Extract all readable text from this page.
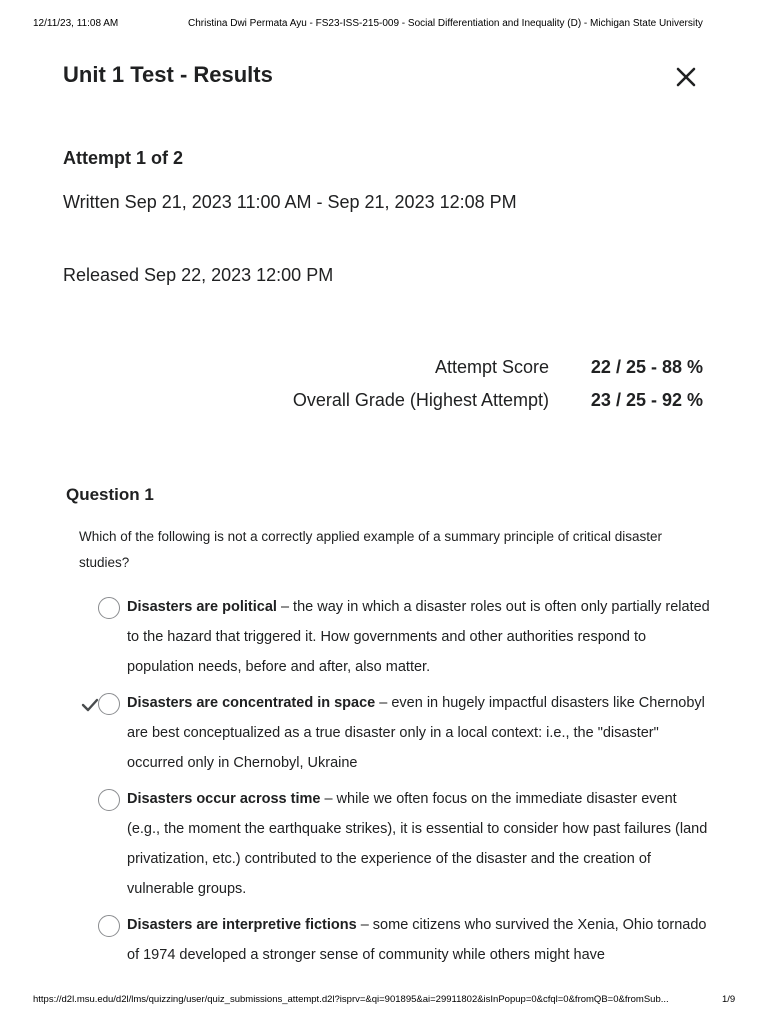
12/11/23, 11:08 AM	Christina Dwi Permata Ayu - FS23-ISS-215-009 - Social Differentiation and Inequality (D) - Michigan State University
Unit 1 Test - Results
Attempt 1 of 2
Written Sep 21, 2023 11:00 AM - Sep 21, 2023 12:08 PM
Released Sep 22, 2023 12:00 PM
Attempt Score 22 / 25 - 88 %
Overall Grade (Highest Attempt) 23 / 25 - 92 %
Question 1
Which of the following is not a correctly applied example of a summary principle of critical disaster studies?
Disasters are political – the way in which a disaster roles out is often only partially related to the hazard that triggered it. How governments and other authorities respond to population needs, before and after, also matter.
Disasters are concentrated in space – even in hugely impactful disasters like Chernobyl are best conceptualized as a true disaster only in a local context: i.e., the "disaster" occurred only in Chernobyl, Ukraine
Disasters occur across time – while we often focus on the immediate disaster event (e.g., the moment the earthquake strikes), it is essential to consider how past failures (land privatization, etc.) contributed to the experience of the disaster and the creation of vulnerable groups.
Disasters are interpretive fictions – some citizens who survived the Xenia, Ohio tornado of 1974 developed a stronger sense of community while others might have
https://d2l.msu.edu/d2l/lms/quizzing/user/quiz_submissions_attempt.d2l?isprv=&qi=901895&ai=29911802&isInPopup=0&cfql=0&fromQB=0&fromSub...	1/9
